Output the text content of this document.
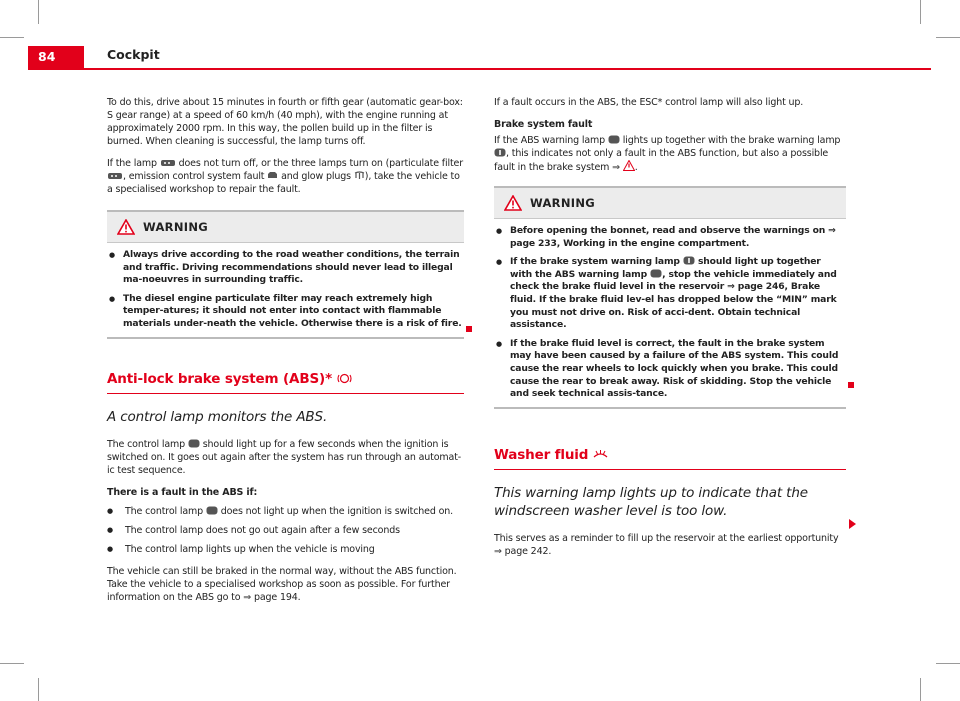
84	Cockpit

To do this, drive about 15 minutes in fourth or fifth gear (automatic gear-box: S gear range) at a speed of 60 km/h (40 mph), with the engine running at approximately 2000 rpm. In this way, the pollen build up in the filter is burned. When cleaning is successful, the lamp turns off.

If the lamp does not turn off, or the three lamps turn on (particulate filter , emission control system fault and glow plugs ), take the vehicle to a specialised workshop to repair the fault.

WARNING
● Always drive according to the road weather conditions, the terrain and traffic. Driving recommendations should never lead to illegal ma-noeuvres in surrounding traffic.
● The diesel engine particulate filter may reach extremely high temper-atures; it should not enter into contact with flammable materials under-neath the vehicle. Otherwise there is a risk of fire.
Anti-lock brake system (ABS)*
A control lamp monitors the ABS.

The control lamp should light up for a few seconds when the ignition is switched on. It goes out again after the system has run through an automat-ic test sequence.

There is a fault in the ABS if:

● The control lamp does not light up when the ignition is switched on.
● The control lamp does not go out again after a few seconds
● The control lamp lights up when the vehicle is moving

The vehicle can still be braked in the normal way, without the ABS function. Take the vehicle to a specialised workshop as soon as possible. For further information on the ABS go to ⇒ page 194.

If a fault occurs in the ABS, the ESC* control lamp will also light up.

Brake system fault

If the ABS warning lamp lights up together with the brake warning lamp , this indicates not only a fault in the ABS function, but also a possible fault in the brake system ⇒ .

WARNING
● Before opening the bonnet, read and observe the warnings on ⇒ page 233, Working in the engine compartment.
● If the brake system warning lamp should light up together with the ABS warning lamp , stop the vehicle immediately and check the brake fluid level in the reservoir ⇒ page 246, Brake fluid. If the brake fluid lev-el has dropped below the “MIN” mark you must not drive on. Risk of acci-dent. Obtain technical assistance.
● If the brake fluid level is correct, the fault in the brake system may have been caused by a failure of the ABS system. This could cause the rear wheels to lock quickly when you brake. This could cause the rear to break away. Risk of skidding. Stop the vehicle and seek technical assis-tance.
Washer fluid
This warning lamp lights up to indicate that the windscreen washer level is too low.

This serves as a reminder to fill up the reservoir at the earliest opportunity ⇒ page 242.
